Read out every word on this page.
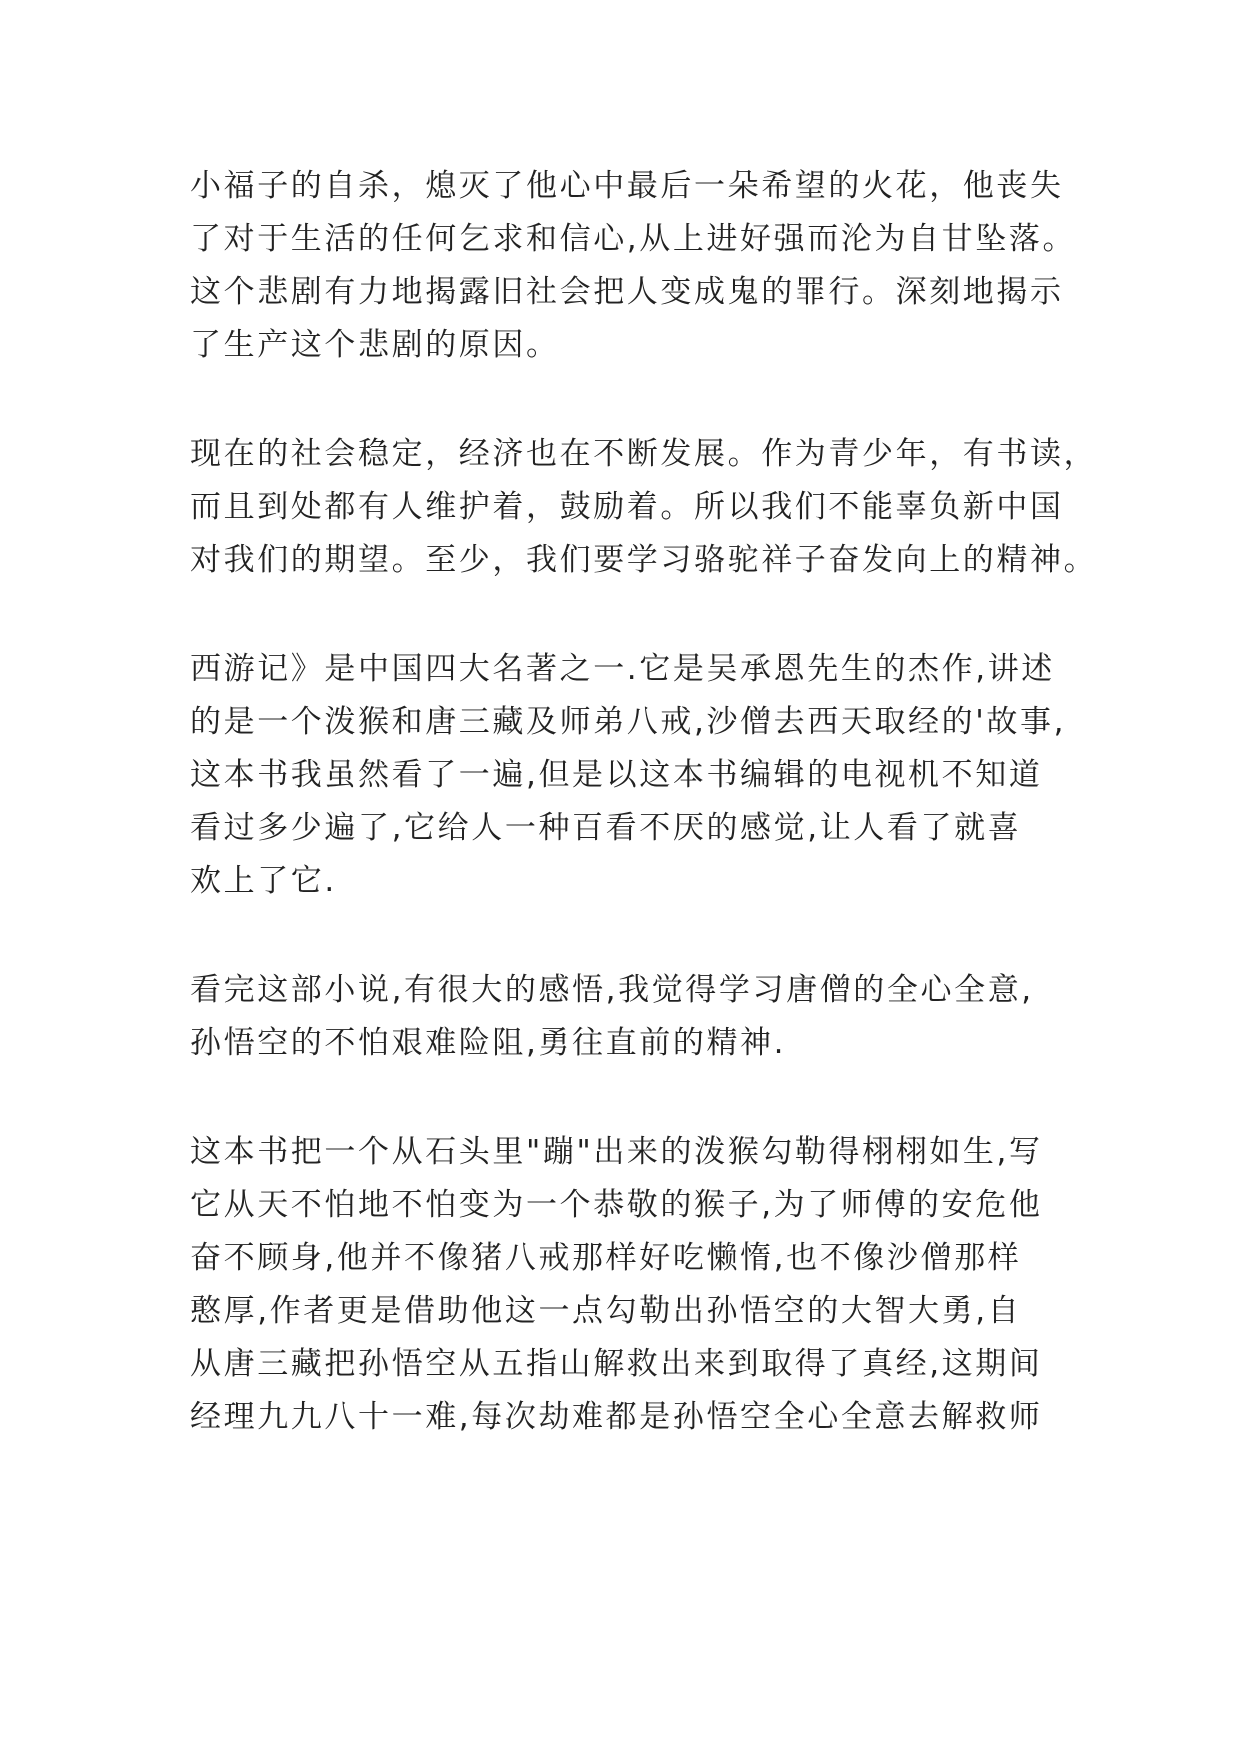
小福子的自杀，熄灭了他心中最后一朵希望的火花，他丧失
了对于生活的任何乞求和信心,从上进好强而沦为自甘坠落。
这个悲剧有力地揭露旧社会把人变成鬼的罪行。深刻地揭示
了生产这个悲剧的原因。
现在的社会稳定，经济也在不断发展。作为青少年，有书读，
而且到处都有人维护着，鼓励着。所以我们不能辜负新中国
对我们的期望。至少，我们要学习骆驼祥子奋发向上的精神。
西游记》是中国四大名著之一.它是吴承恩先生的杰作,讲述
的是一个泼猴和唐三藏及师弟八戒,沙僧去西天取经的'故事,
这本书我虽然看了一遍,但是以这本书编辑的电视机不知道
看过多少遍了,它给人一种百看不厌的感觉,让人看了就喜
欢上了它.
看完这部小说,有很大的感悟,我觉得学习唐僧的全心全意,
孙悟空的不怕艰难险阻,勇往直前的精神.
这本书把一个从石头里"蹦"出来的泼猴勾勒得栩栩如生,写
它从天不怕地不怕变为一个恭敬的猴子,为了师傅的安危他
奋不顾身,他并不像猪八戒那样好吃懒惰,也不像沙僧那样
憨厚,作者更是借助他这一点勾勒出孙悟空的大智大勇,自
从唐三藏把孙悟空从五指山解救出来到取得了真经,这期间
经理九九八十一难,每次劫难都是孙悟空全心全意去解救师
